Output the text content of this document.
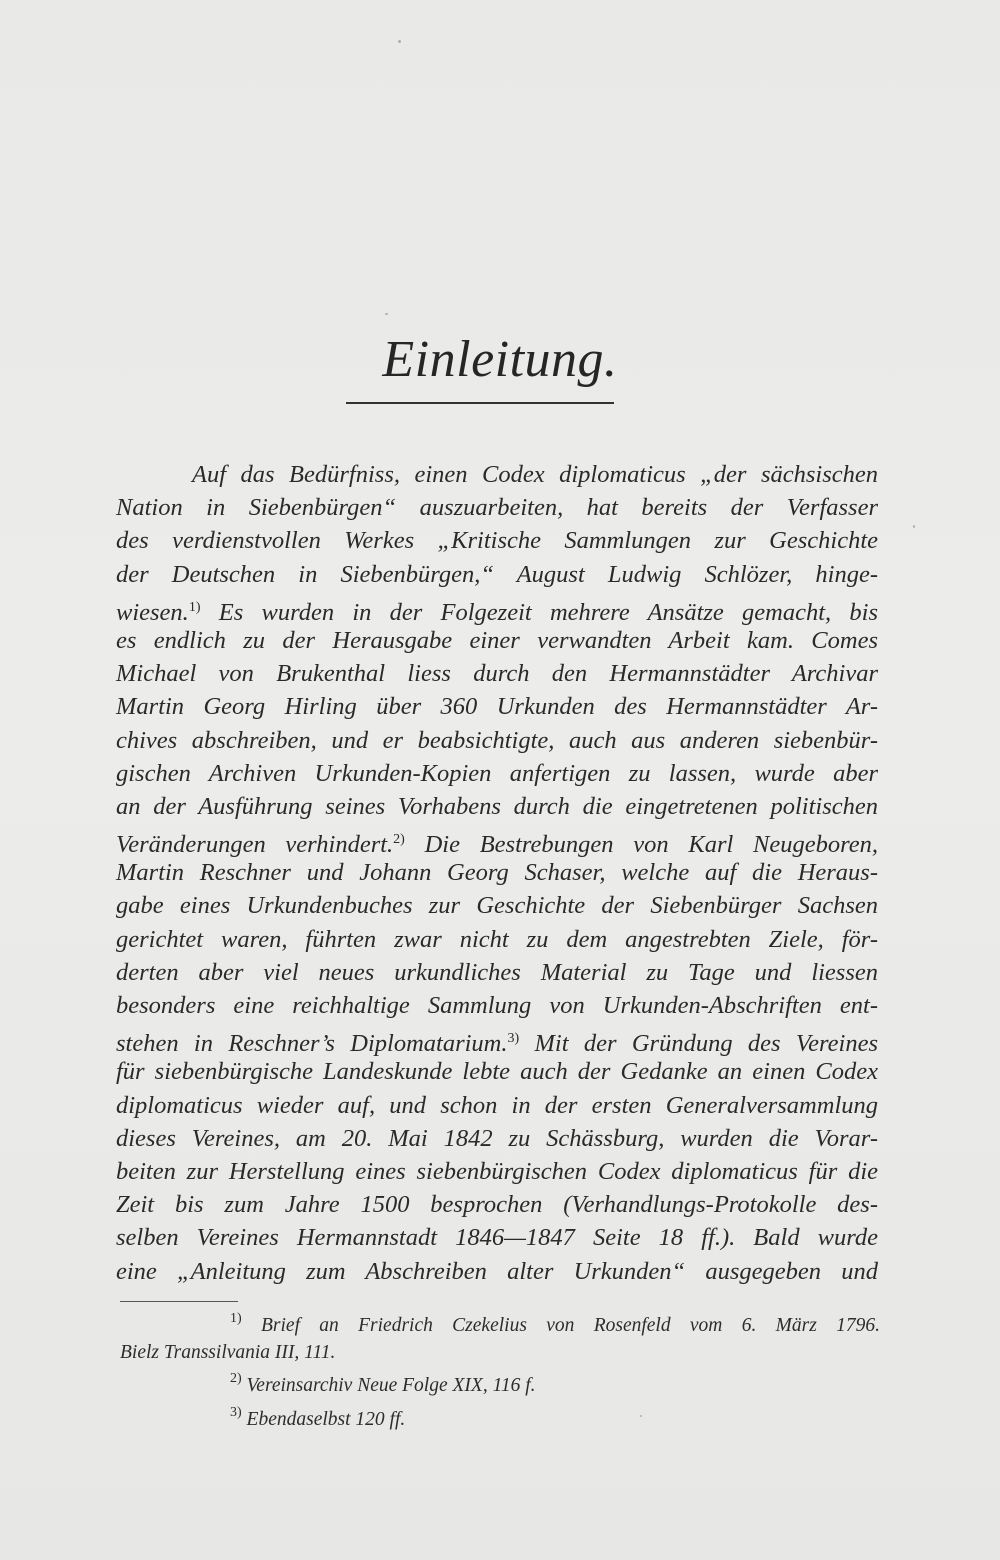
Einleitung.
Auf das Bedürfniss, einen Codex diplomaticus „der sächsischen
Nation in Siebenbürgen“ auszuarbeiten, hat bereits der Verfasser
des verdienstvollen Werkes „Kritische Sammlungen zur Geschichte
der Deutschen in Siebenbürgen,“ August Ludwig Schlözer, hinge-
wiesen.$^{1)}$ Es wurden in der Folgezeit mehrere Ansätze gemacht, bis
es endlich zu der Herausgabe einer verwandten Arbeit kam. Comes
Michael von Brukenthal liess durch den Hermannstädter Archivar
Martin Georg Hirling über 360 Urkunden des Hermannstädter Ar-
chives abschreiben, und er beabsichtigte, auch aus anderen siebenbür-
gischen Archiven Urkunden-Kopien anfertigen zu lassen, wurde aber
an der Ausführung seines Vorhabens durch die eingetretenen politischen
Veränderungen verhindert.$^{2)}$ Die Bestrebungen von Karl Neugeboren,
Martin Reschner und Johann Georg Schaser, welche auf die Heraus-
gabe eines Urkundenbuches zur Geschichte der Siebenbürger Sachsen
gerichtet waren, führten zwar nicht zu dem angestrebten Ziele, för-
derten aber viel neues urkundliches Material zu Tage und liessen
besonders eine reichhaltige Sammlung von Urkunden-Abschriften ent-
stehen in Reschner’s Diplomatarium.$^{3)}$ Mit der Gründung des Vereines
für siebenbürgische Landeskunde lebte auch der Gedanke an einen Codex
diplomaticus wieder auf, und schon in der ersten Generalversammlung
dieses Vereines, am 20. Mai 1842 zu Schässburg, wurden die Vorar-
beiten zur Herstellung eines siebenbürgischen Codex diplomaticus für die
Zeit bis zum Jahre 1500 besprochen (Verhandlungs-Protokolle des-
selben Vereines Hermannstadt 1846—1847 Seite 18 ff.). Bald wurde
eine „Anleitung zum Abschreiben alter Urkunden“ ausgegeben und
$^{1)}$ Brief an Friedrich Czekelius von Rosenfeld vom 6. März 1796.
Bielz Transsilvania III, 111.
$^{2)}$ Vereinsarchiv Neue Folge XIX, 116 f.
$^{3)}$ Ebendaselbst 120 ff.
